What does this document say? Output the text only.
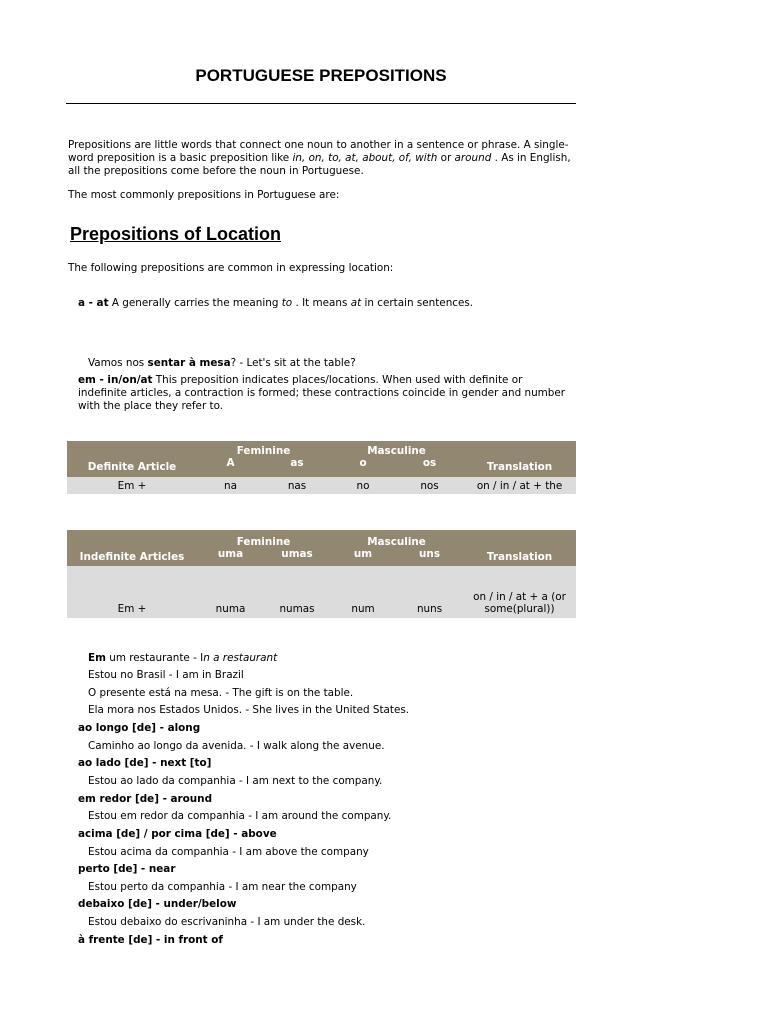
PORTUGUESE PREPOSITIONS
Prepositions are little words that connect one noun to another in a sentence or phrase. A single-word preposition is a basic preposition like in, on, to, at, about, of, with or around . As in English, all the prepositions come before the noun in Portuguese.
The most commonly prepositions in Portuguese are:
Prepositions of Location
The following prepositions are common in expressing location:
a - at A generally carries the meaning to . It means at in certain sentences.
Vamos nos sentar à mesa? - Let's sit at the table?
em - in/on/at This preposition indicates places/locations. When used with definite or indefinite articles, a contraction is formed; these contractions coincide in gender and number with the place they refer to.
	Feminine		Masculine		
Definite Article	A	as	o	os	Translation
Em +	na	nas	no	nos	on / in / at + the
	Feminine		Masculine		
Indefinite Articles	uma	umas	um	uns	Translation
Em +	numa	numas	num	nuns	on / in / at + a (or some(plural))
Em um restaurante - In a restaurant
Estou no Brasil - I am in Brazil
O presente está na mesa. - The gift is on the table.
Ela mora nos Estados Unidos. - She lives in the United States.
ao longo [de] - along
Caminho ao longo da avenida. - I walk along the avenue.
ao lado [de] - next [to]
Estou ao lado da companhia - I am next to the company.
em redor [de] - around
Estou em redor da companhia - I am around the company.
acima [de] / por cima [de] - above
Estou acima da companhia - I am above the company
perto [de] - near
Estou perto da companhia - I am near the company
debaixo [de] - under/below
Estou debaixo do escrivaninha - I am under the desk.
à frente [de] - in front of
